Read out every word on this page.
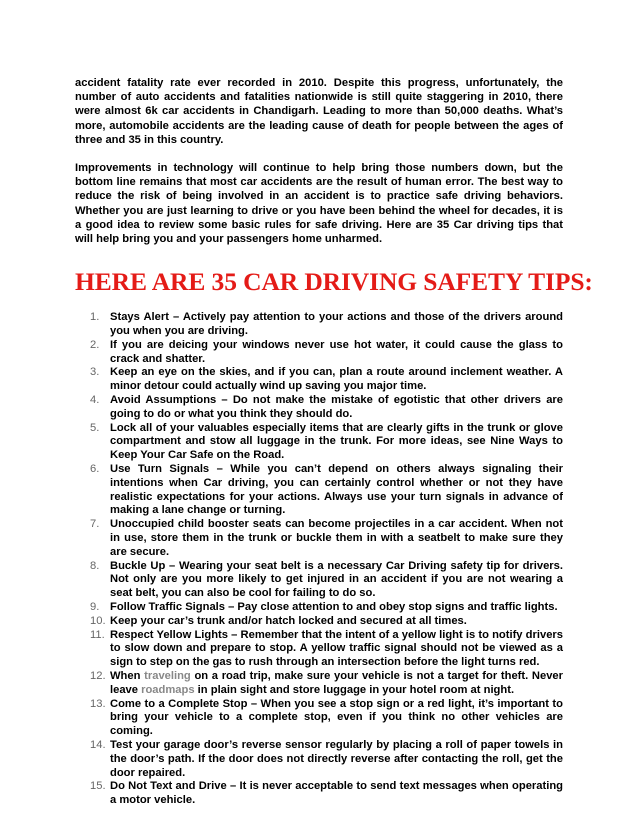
accident fatality rate ever recorded in 2010. Despite this progress, unfortunately, the number of auto accidents and fatalities nationwide is still quite staggering in 2010, there were almost 6k car accidents in Chandigarh. Leading to more than 50,000 deaths. What’s more, automobile accidents are the leading cause of death for people between the ages of three and 35 in this country.

Improvements in technology will continue to help bring those numbers down, but the bottom line remains that most car accidents are the result of human error. The best way to reduce the risk of being involved in an accident is to practice safe driving behaviors. Whether you are just learning to drive or you have been behind the wheel for decades, it is a good idea to review some basic rules for safe driving. Here are 35 Car driving tips that will help bring you and your passengers home unharmed.

HERE ARE 35 CAR DRIVING SAFETY TIPS:
1. Stays Alert – Actively pay attention to your actions and those of the drivers around you when you are driving.
2. If you are deicing your windows never use hot water, it could cause the glass to crack and shatter.
3. Keep an eye on the skies, and if you can, plan a route around inclement weather. A minor detour could actually wind up saving you major time.
4. Avoid Assumptions – Do not make the mistake of egotistic that other drivers are going to do or what you think they should do.
5. Lock all of your valuables especially items that are clearly gifts in the trunk or glove compartment and stow all luggage in the trunk. For more ideas, see Nine Ways to Keep Your Car Safe on the Road.
6. Use Turn Signals – While you can’t depend on others always signaling their intentions when Car driving, you can certainly control whether or not they have realistic expectations for your actions. Always use your turn signals in advance of making a lane change or turning.
7. Unoccupied child booster seats can become projectiles in a car accident. When not in use, store them in the trunk or buckle them in with a seatbelt to make sure they are secure.
8. Buckle Up – Wearing your seat belt is a necessary Car Driving safety tip for drivers. Not only are you more likely to get injured in an accident if you are not wearing a seat belt, you can also be cool for failing to do so.
9. Follow Traffic Signals – Pay close attention to and obey stop signs and traffic lights.
10. Keep your car’s trunk and/or hatch locked and secured at all times.
11. Respect Yellow Lights – Remember that the intent of a yellow light is to notify drivers to slow down and prepare to stop. A yellow traffic signal should not be viewed as a sign to step on the gas to rush through an intersection before the light turns red.
12. When traveling on a road trip, make sure your vehicle is not a target for theft. Never leave roadmaps in plain sight and store luggage in your hotel room at night.
13. Come to a Complete Stop – When you see a stop sign or a red light, it’s important to bring your vehicle to a complete stop, even if you think no other vehicles are coming.
14. Test your garage door’s reverse sensor regularly by placing a roll of paper towels in the door’s path. If the door does not directly reverse after contacting the roll, get the door repaired.
15. Do Not Text and Drive – It is never acceptable to send text messages when operating a motor vehicle.
